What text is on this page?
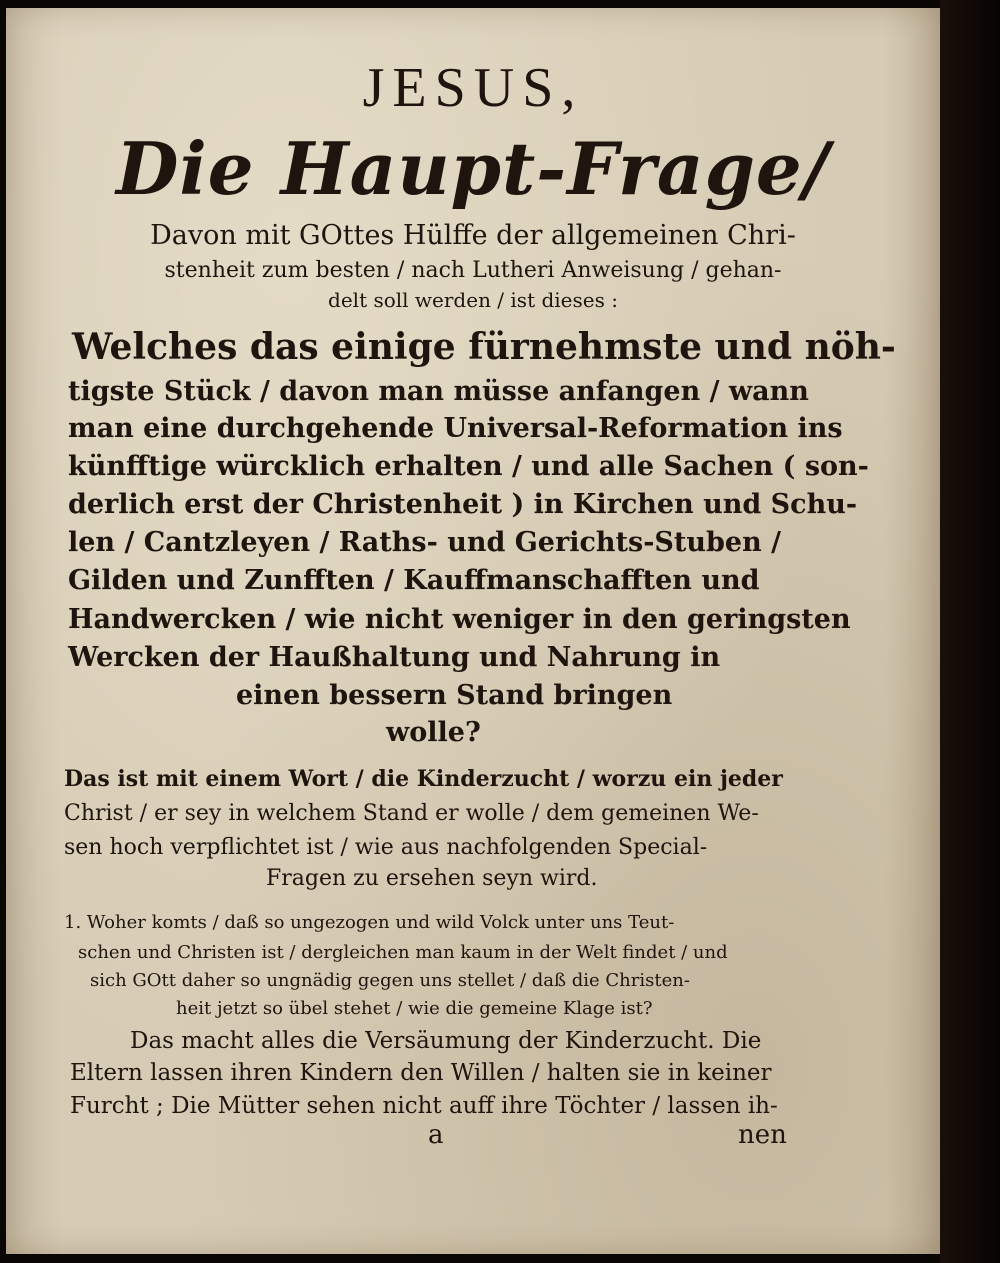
JESUS,
Die Haupt-Frage/
Davon mit GOttes Hülffe der allgemeinen Chri-
stenheit zum besten / nach Lutheri Anweisung / gehan-
delt soll werden / ist dieses :
Welches das einige fürnehmste und nöh-
tigste Stück / davon man müsse anfangen / wann
man eine durchgehende Universal-Reformation ins
künfftige würcklich erhalten / und alle Sachen ( son-
derlich erst der Christenheit ) in Kirchen und Schu-
len / Cantzleyen / Raths- und Gerichts-Stuben /
Gilden und Zunfften / Kauffmanschafften und
Handwercken / wie nicht weniger in den geringsten
Wercken der Haußhaltung und Nahrung in
einen bessern Stand bringen
wolle?
Das ist mit einem Wort / die Kinderzucht / worzu ein jeder
Christ / er sey in welchem Stand er wolle / dem gemeinen We-
sen hoch verpflichtet ist / wie aus nachfolgenden Special-
Fragen zu ersehen seyn wird.
1. Woher komts / daß so ungezogen und wild Volck unter uns Teut-
schen und Christen ist / dergleichen man kaum in der Welt findet / und
sich GOtt daher so ungnädig gegen uns stellet / daß die Christen-
heit jetzt so übel stehet / wie die gemeine Klage ist?
Das macht alles die Versäumung der Kinderzucht. Die
Eltern lassen ihren Kindern den Willen / halten sie in keiner
Furcht ; Die Mütter sehen nicht auff ihre Töchter / lassen ih-
a	nen
